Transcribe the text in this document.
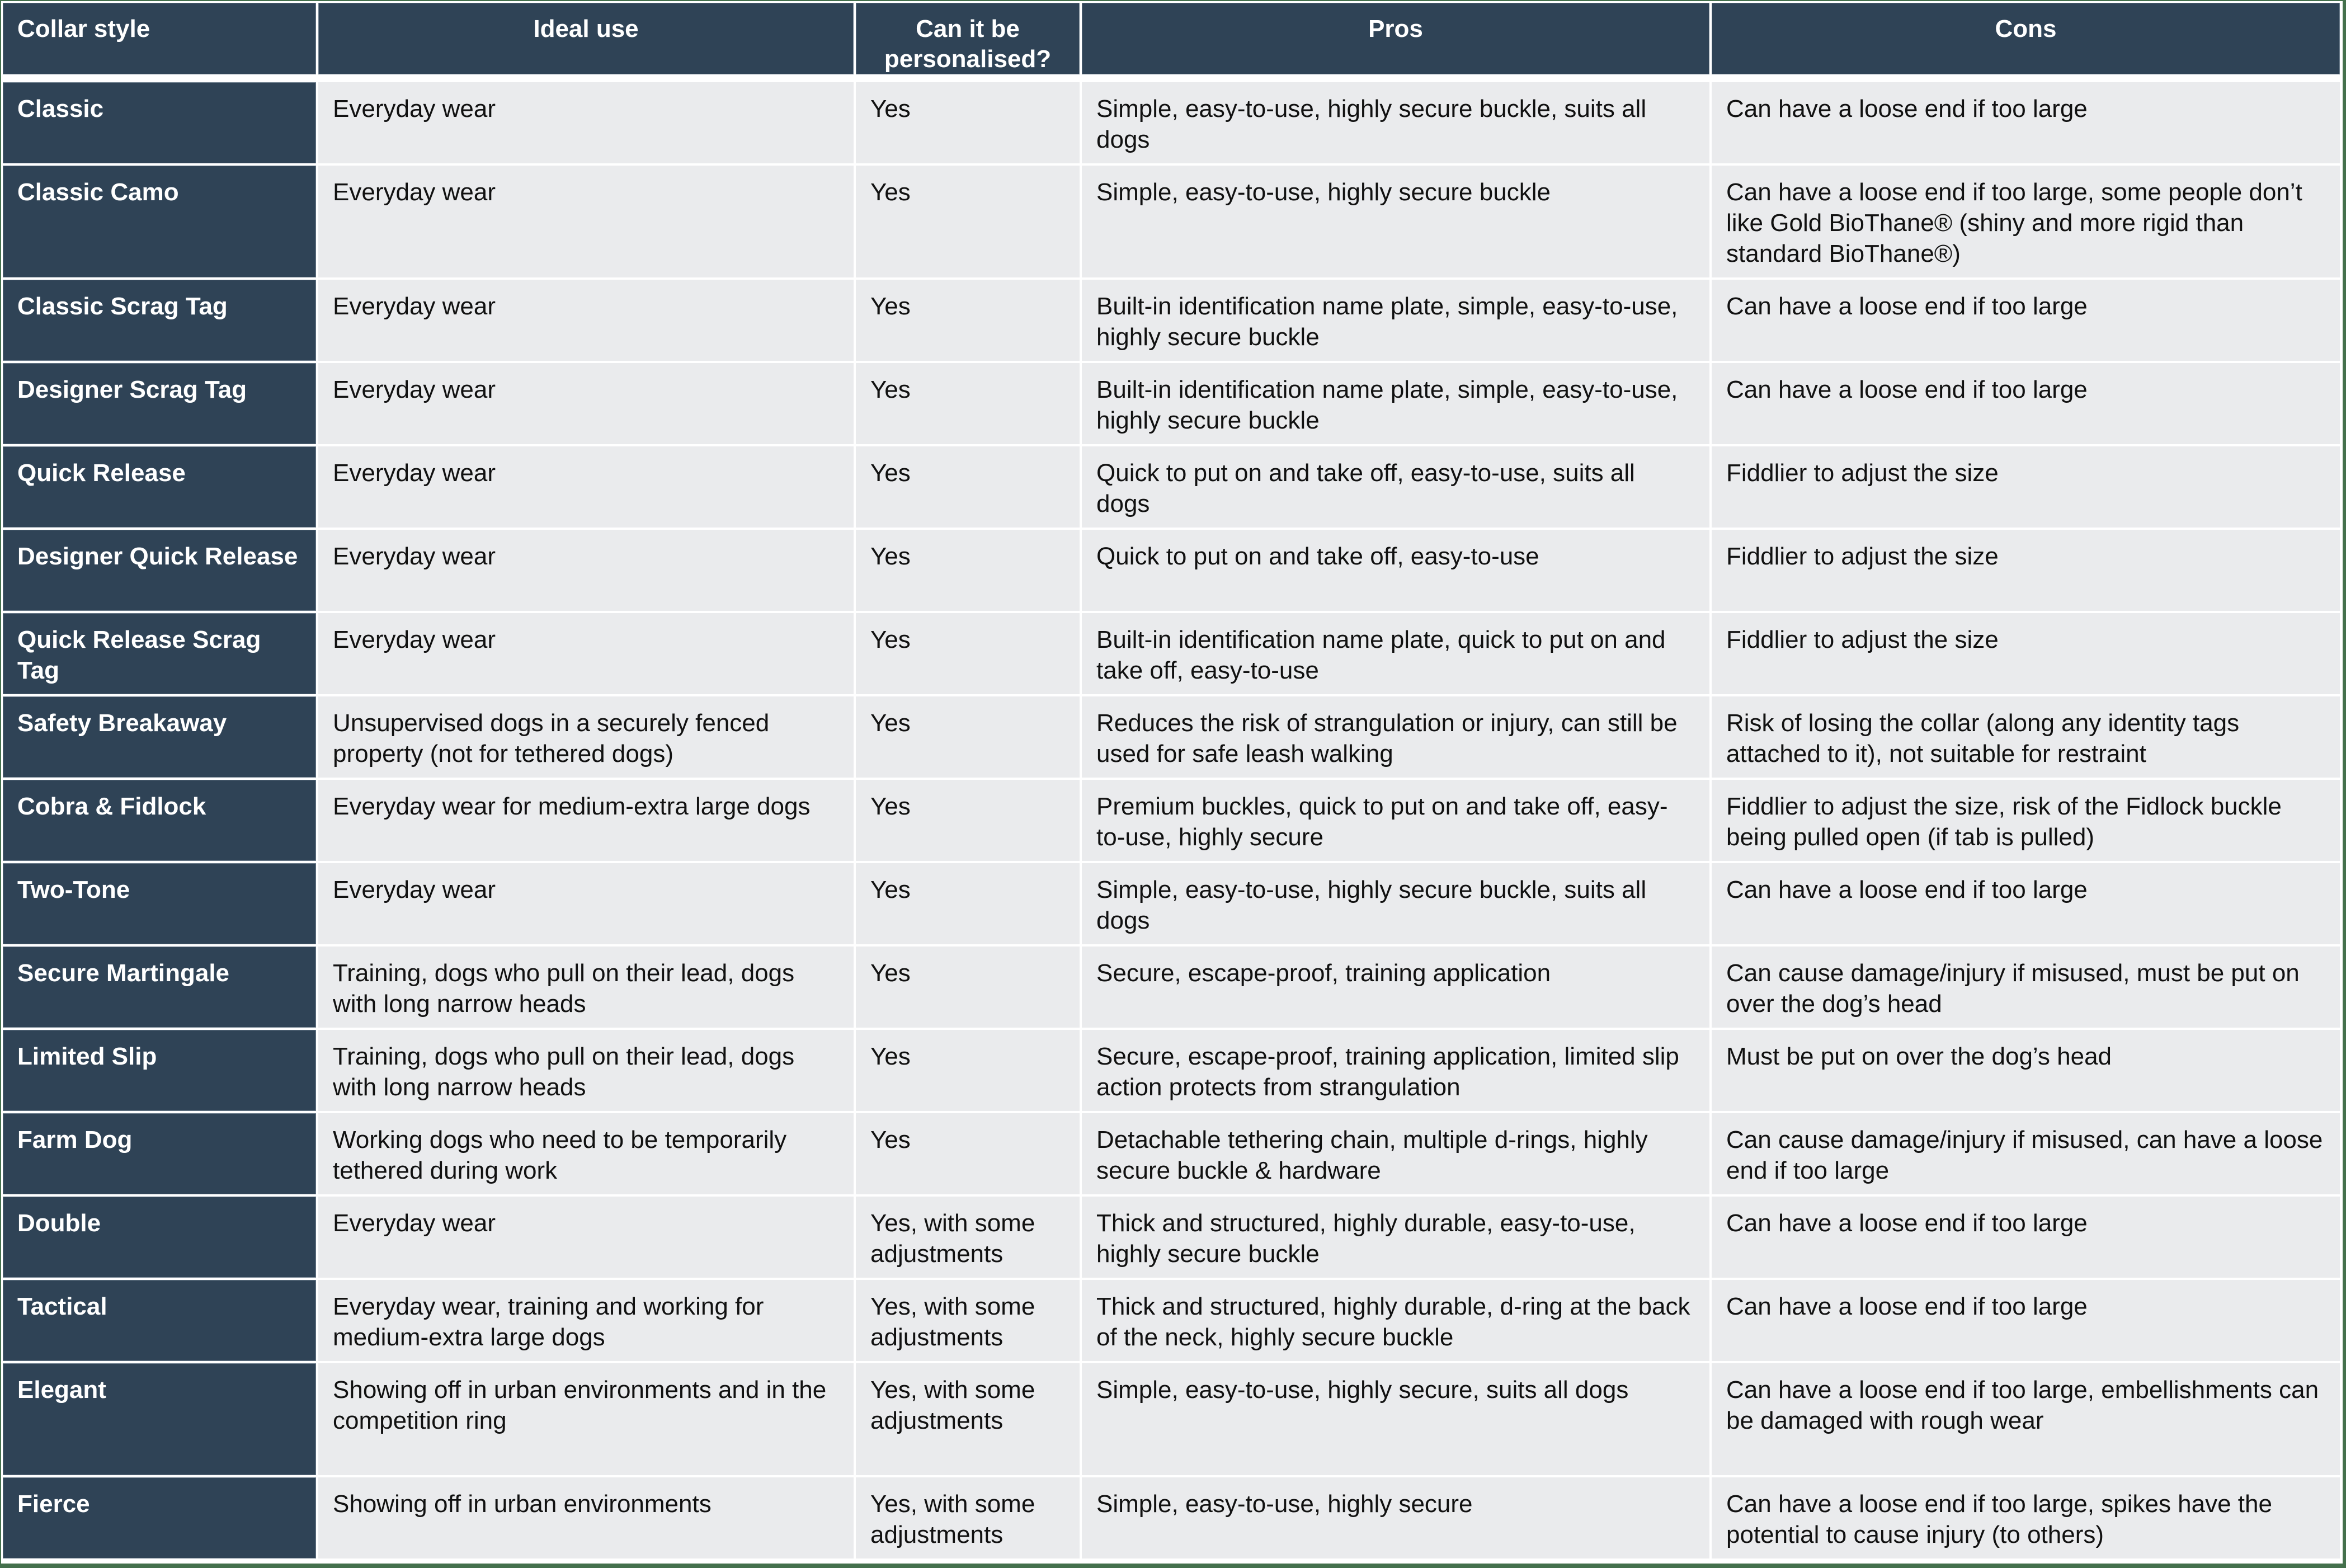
Collar style	Ideal use	Can it be personalised?	Pros	Cons

Classic	Everyday wear	Yes	Simple, easy-to-use, highly secure buckle, suits all dogs	Can have a loose end if too large
Classic Camo	Everyday wear	Yes	Simple, easy-to-use, highly secure buckle	Can have a loose end if too large, some people don’t like Gold BioThane® (shiny and more rigid than standard BioThane®)
Classic Scrag Tag	Everyday wear	Yes	Built-in identification name plate, simple, easy-to-use, highly secure buckle	Can have a loose end if too large
Designer Scrag Tag	Everyday wear	Yes	Built-in identification name plate, simple, easy-to-use, highly secure buckle	Can have a loose end if too large
Quick Release	Everyday wear	Yes	Quick to put on and take off, easy-to-use, suits all dogs	Fiddlier to adjust the size
Designer Quick Release	Everyday wear	Yes	Quick to put on and take off, easy-to-use	Fiddlier to adjust the size
Quick Release Scrag Tag	Everyday wear	Yes	Built-in identification name plate, quick to put on and take off, easy-to-use	Fiddlier to adjust the size
Safety Breakaway	Unsupervised dogs in a securely fenced property (not for tethered dogs)	Yes	Reduces the risk of strangulation or injury, can still be used for safe leash walking	Risk of losing the collar (along any identity tags attached to it), not suitable for restraint
Cobra & Fidlock	Everyday wear for medium-extra large dogs	Yes	Premium buckles, quick to put on and take off, easy-to-use, highly secure	Fiddlier to adjust the size, risk of the Fidlock buckle being pulled open (if tab is pulled)
Two-Tone	Everyday wear	Yes	Simple, easy-to-use, highly secure buckle, suits all dogs	Can have a loose end if too large
Secure Martingale	Training, dogs who pull on their lead, dogs with long narrow heads	Yes	Secure, escape-proof, training application	Can cause damage/injury if misused, must be put on over the dog’s head
Limited Slip	Training, dogs who pull on their lead, dogs with long narrow heads	Yes	Secure, escape-proof, training application, limited slip action protects from strangulation	Must be put on over the dog’s head
Farm Dog	Working dogs who need to be temporarily tethered during work	Yes	Detachable tethering chain, multiple d-rings, highly secure buckle & hardware	Can cause damage/injury if misused, can have a loose end if too large
Double	Everyday wear	Yes, with some adjustments	Thick and structured, highly durable, easy-to-use, highly secure buckle	Can have a loose end if too large
Tactical	Everyday wear, training and working for medium-extra large dogs	Yes, with some adjustments	Thick and structured, highly durable, d-ring at the back of the neck, highly secure buckle	Can have a loose end if too large
Elegant	Showing off in urban environments and in the competition ring	Yes, with some adjustments	Simple, easy-to-use, highly secure, suits all dogs	Can have a loose end if too large, embellishments can be damaged with rough wear
Fierce	Showing off in urban environments	Yes, with some adjustments	Simple, easy-to-use, highly secure	Can have a loose end if too large, spikes have the potential to cause injury (to others)
